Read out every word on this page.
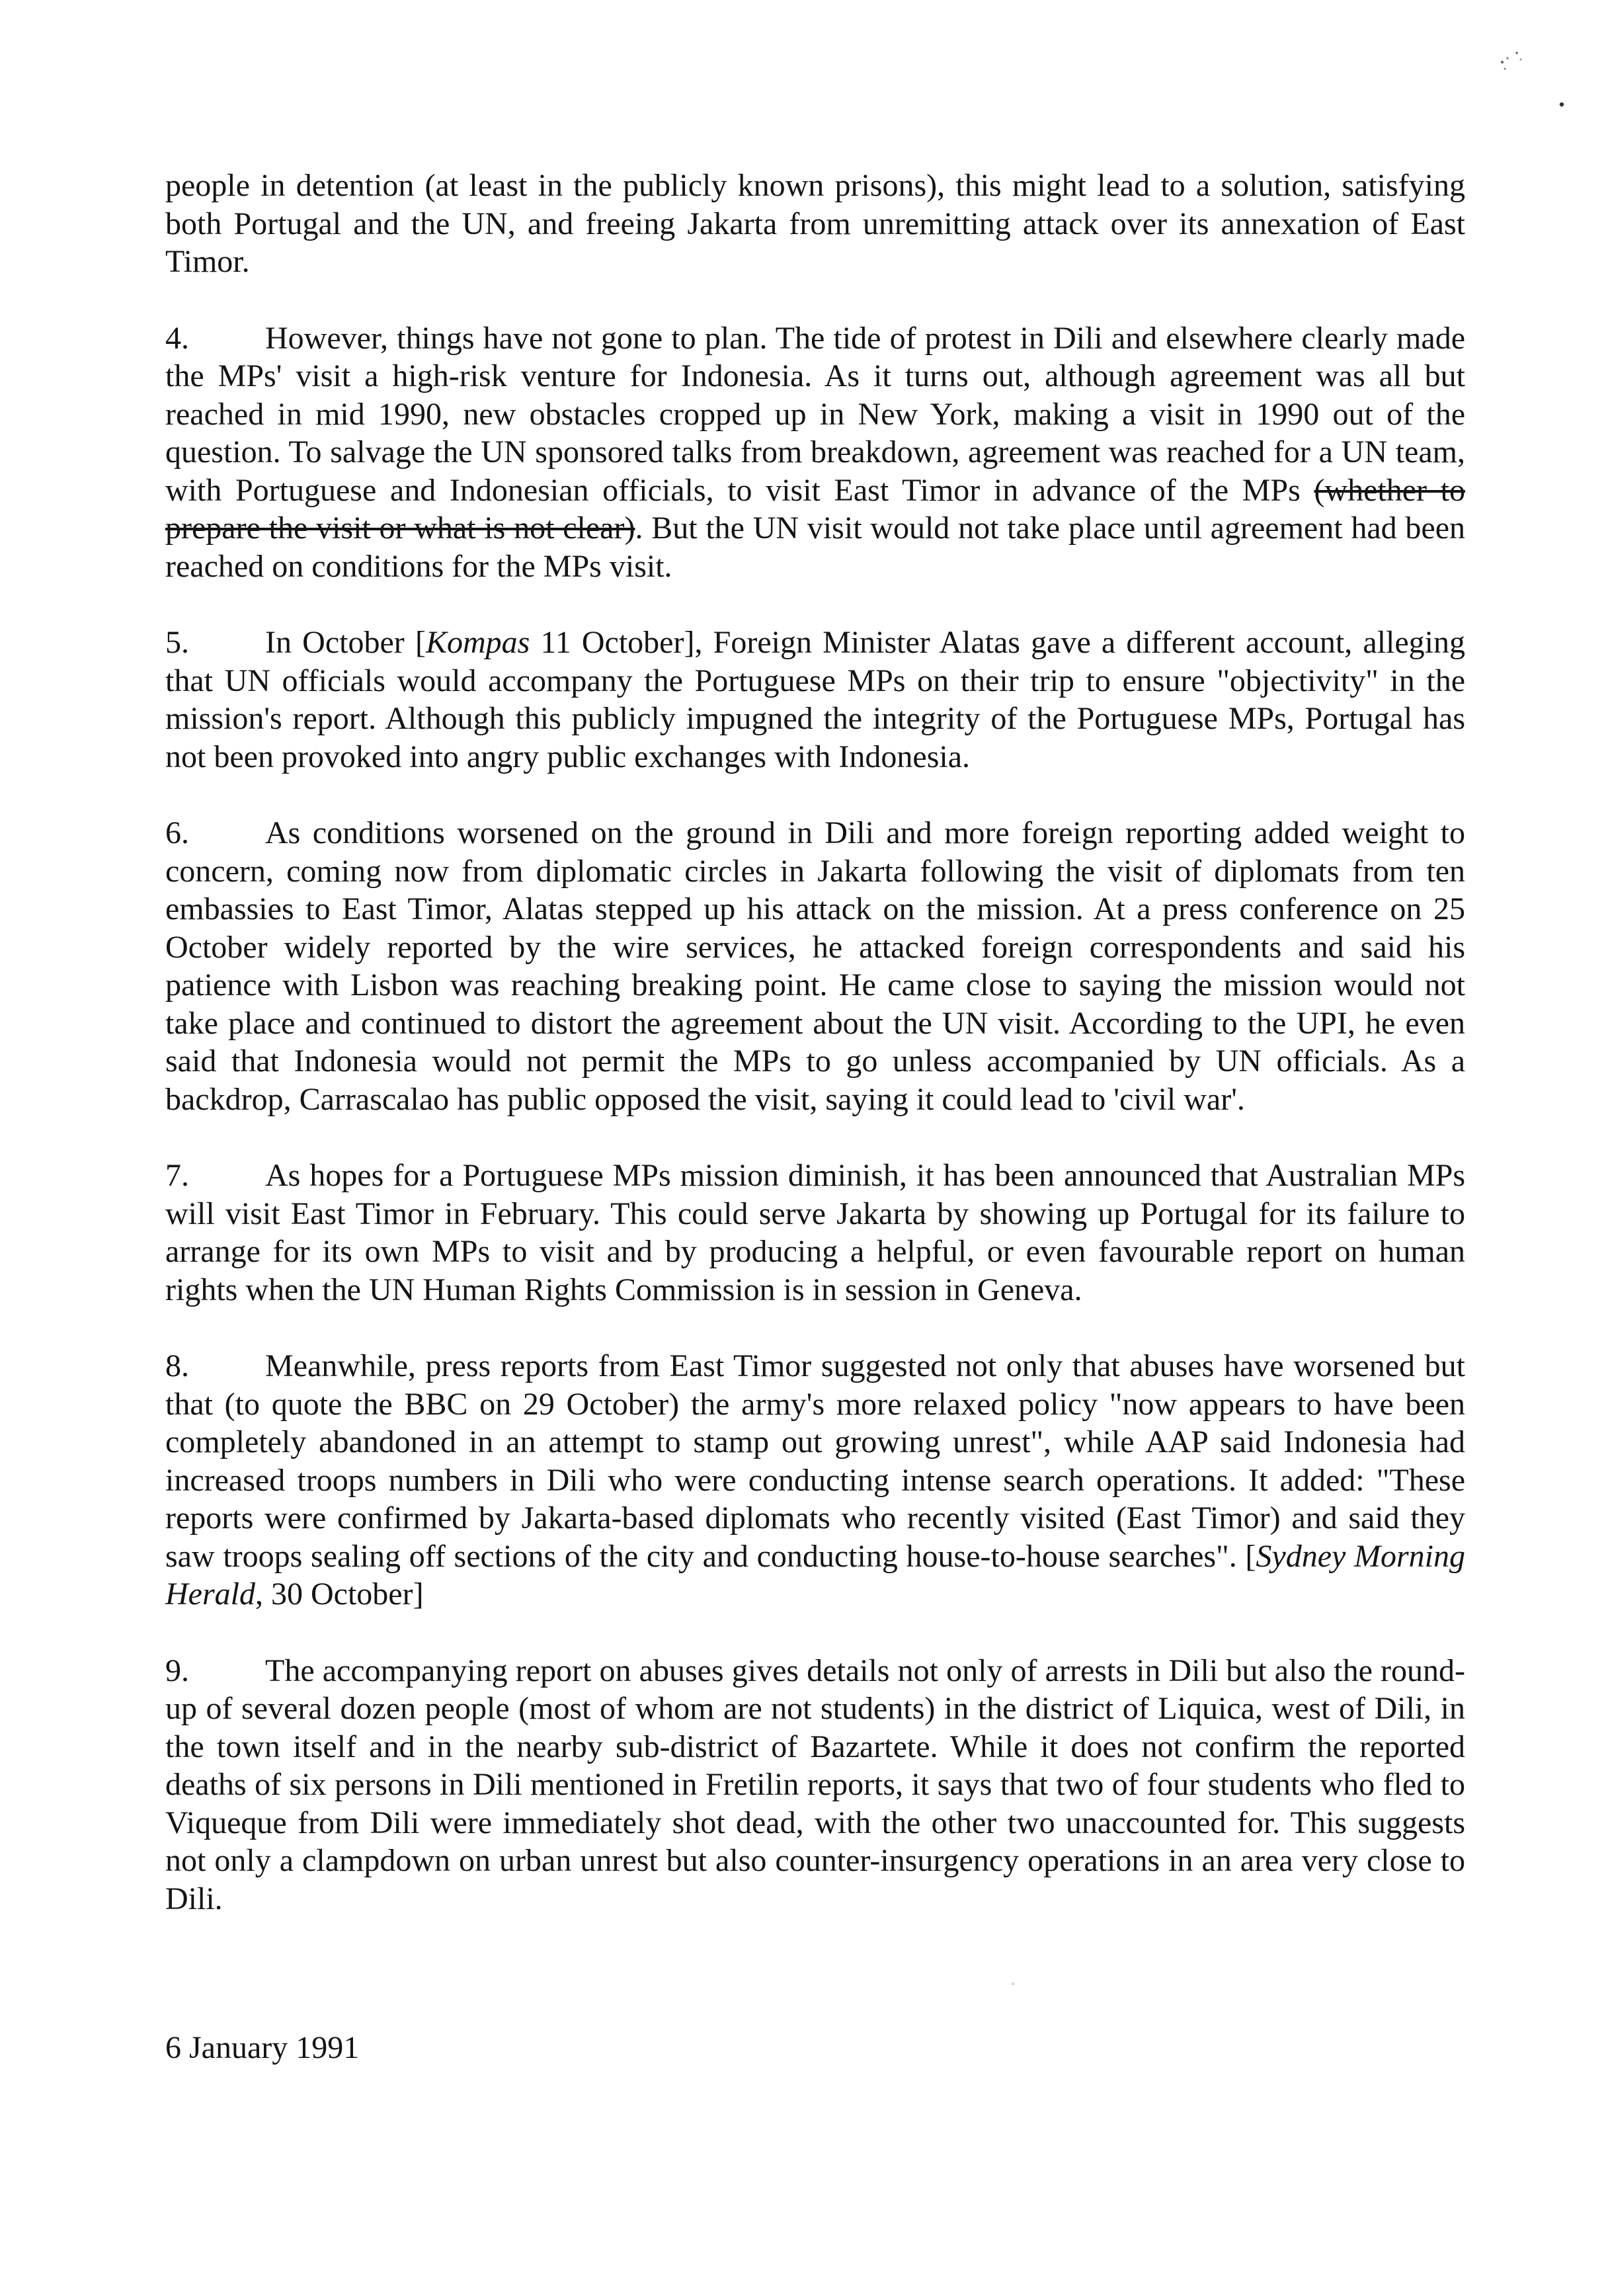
people in detention (at least in the publicly known prisons), this might lead to a solution, satisfying both Portugal and the UN, and freeing Jakarta from unremitting attack over its annexation of East Timor.

4. However, things have not gone to plan. The tide of protest in Dili and elsewhere clearly made the MPs' visit a high-risk venture for Indonesia. As it turns out, although agreement was all but reached in mid 1990, new obstacles cropped up in New York, making a visit in 1990 out of the question. To salvage the UN sponsored talks from breakdown, agreement was reached for a UN team, with Portuguese and Indonesian officials, to visit East Timor in advance of the MPs (whether to prepare the visit or what is not clear). But the UN visit would not take place until agreement had been reached on conditions for the MPs visit.

5. In October [Kompas 11 October], Foreign Minister Alatas gave a different account, alleging that UN officials would accompany the Portuguese MPs on their trip to ensure "objectivity" in the mission's report. Although this publicly impugned the integrity of the Portuguese MPs, Portugal has not been provoked into angry public exchanges with Indonesia.

6. As conditions worsened on the ground in Dili and more foreign reporting added weight to concern, coming now from diplomatic circles in Jakarta following the visit of diplomats from ten embassies to East Timor, Alatas stepped up his attack on the mission. At a press conference on 25 October widely reported by the wire services, he attacked foreign correspondents and said his patience with Lisbon was reaching breaking point. He came close to saying the mission would not take place and continued to distort the agreement about the UN visit. According to the UPI, he even said that Indonesia would not permit the MPs to go unless accompanied by UN officials. As a backdrop, Carrascalao has public opposed the visit, saying it could lead to 'civil war'.

7. As hopes for a Portuguese MPs mission diminish, it has been announced that Australian MPs will visit East Timor in February. This could serve Jakarta by showing up Portugal for its failure to arrange for its own MPs to visit and by producing a helpful, or even favourable report on human rights when the UN Human Rights Commission is in session in Geneva.

8. Meanwhile, press reports from East Timor suggested not only that abuses have worsened but that (to quote the BBC on 29 October) the army's more relaxed policy "now appears to have been completely abandoned in an attempt to stamp out growing unrest", while AAP said Indonesia had increased troops numbers in Dili who were conducting intense search operations. It added: "These reports were confirmed by Jakarta-based diplomats who recently visited (East Timor) and said they saw troops sealing off sections of the city and conducting house-to-house searches". [Sydney Morning Herald, 30 October]

9. The accompanying report on abuses gives details not only of arrests in Dili but also the round-up of several dozen people (most of whom are not students) in the district of Liquica, west of Dili, in the town itself and in the nearby sub-district of Bazartete. While it does not confirm the reported deaths of six persons in Dili mentioned in Fretilin reports, it says that two of four students who fled to Viqueque from Dili were immediately shot dead, with the other two unaccounted for. This suggests not only a clampdown on urban unrest but also counter-insurgency operations in an area very close to Dili.

6 January 1991
